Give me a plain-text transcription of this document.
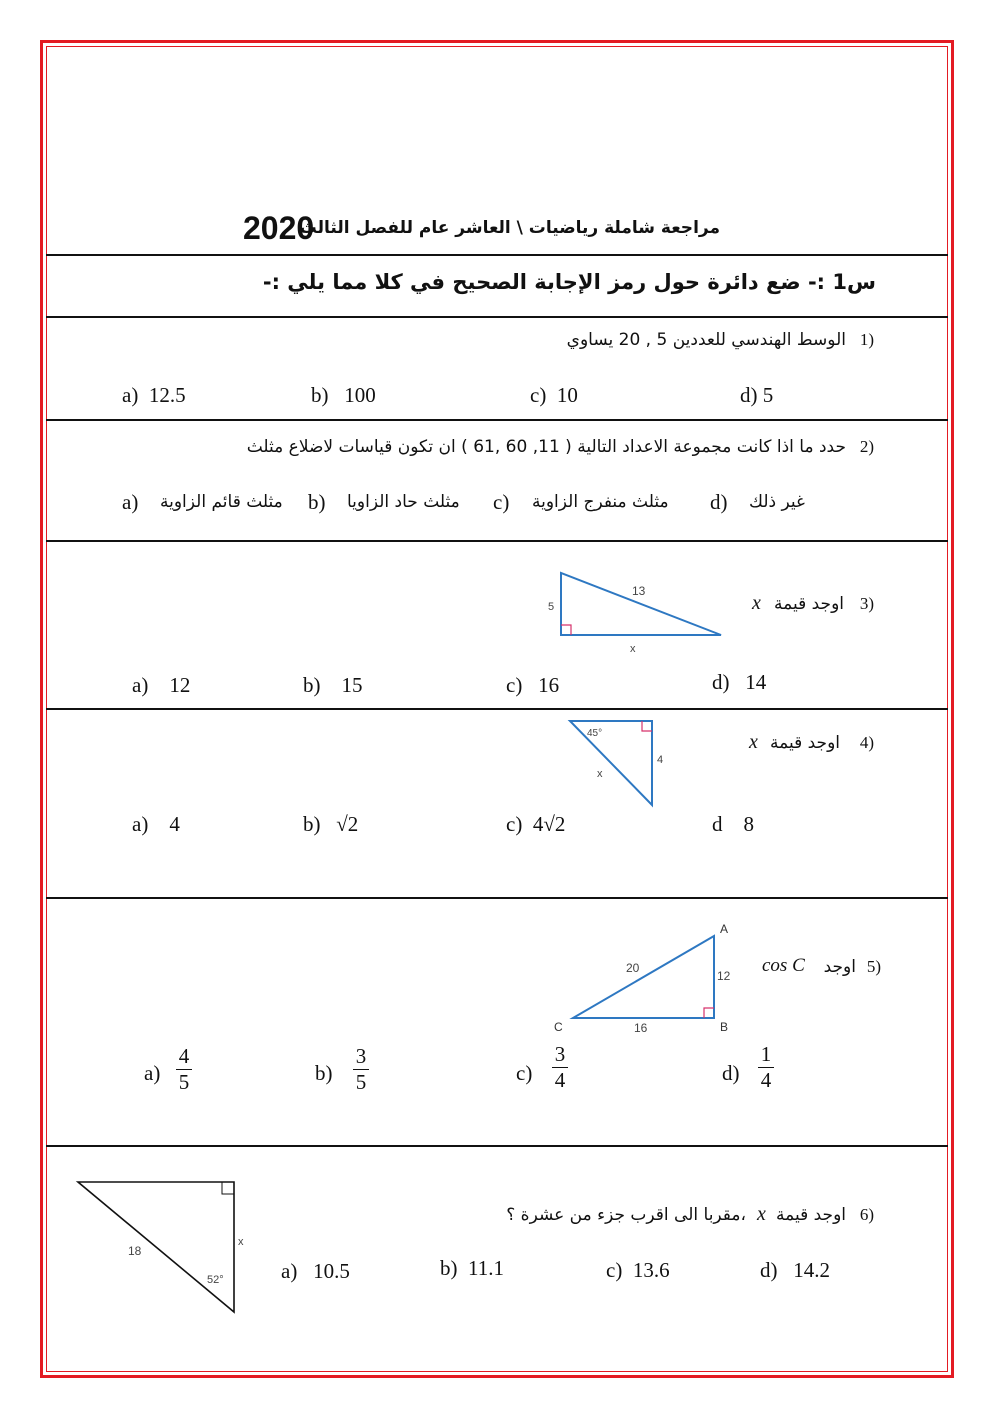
مراجعة شاملة رياضيات \ العاشر عام للفصل الثالث
2020
س1 :- ضع دائرة حول رمز الإجابة الصحيح في كلا مما يلي :-
1)
الوسط الهندسي للعددين 5 , 20 يساوي
a) 12.5	b) 100	c) 10	d) 5
2)
حدد ما اذا كانت مجموعة الاعداد التالية ( 11, 60 ,61 ) ان تكون قياسات لاضلاع مثلث
a) مثلث قائم الزاوية b) مثلث حاد الزاويا c) مثلث منفرج الزاوية d) غير ذلك
3)
اوجد قيمة
x
5
13
x
a) 12	b) 15	c) 16	d) 14
4)
اوجد قيمة
x
45°
4
x
a) 4	b) √2	c) 4√2	d 8
5)
اوجد
cos C
A
B
C
20
12
16
a)
4
5	b)
3
5	c)
3
4	d)
1
4
18
52°
x
6)
اوجد قيمة
x
،مقربا الى اقرب جزء من عشرة ؟
a) 10.5	b) 11.1	c) 13.6	d) 14.2
